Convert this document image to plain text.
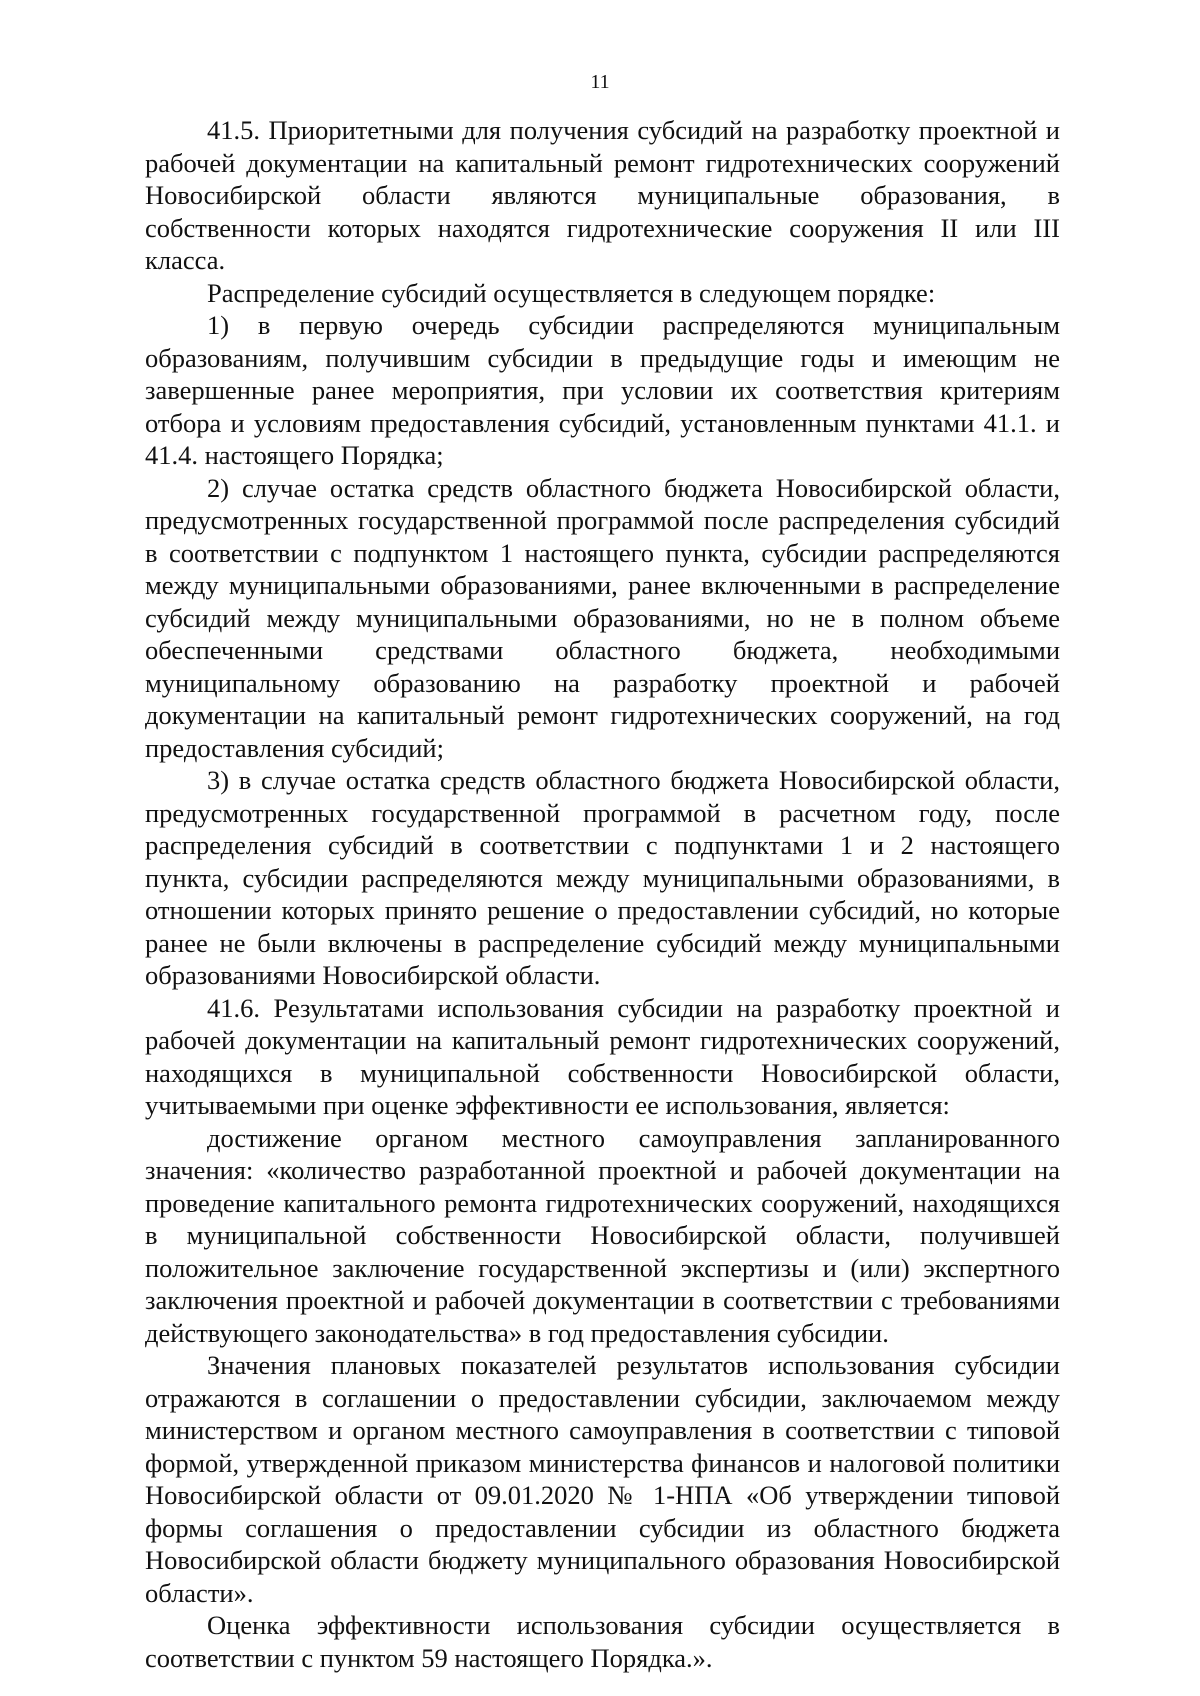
11

41.5. Приоритетными для получения субсидий на разработку проектной и рабочей документации на капитальный ремонт гидротехнических сооружений Новосибирской области являются муниципальные образования, в собственности которых находятся гидротехнические сооружения II или III класса.

Распределение субсидий осуществляется в следующем порядке:

1) в первую очередь субсидии распределяются муниципальным образованиям, получившим субсидии в предыдущие годы и имеющим не завершенные ранее мероприятия, при условии их соответствия критериям отбора и условиям предоставления субсидий, установленным пунктами 41.1. и 41.4. настоящего Порядка;

2) случае остатка средств областного бюджета Новосибирской области, предусмотренных государственной программой после распределения субсидий в соответствии с подпунктом 1 настоящего пункта, субсидии распределяются между муниципальными образованиями, ранее включенными в распределение субсидий между муниципальными образованиями, но не в полном объеме обеспеченными средствами областного бюджета, необходимыми муниципальному образованию на разработку проектной и рабочей документации на капитальный ремонт гидротехнических сооружений, на год предоставления субсидий;

3) в случае остатка средств областного бюджета Новосибирской области, предусмотренных государственной программой в расчетном году, после распределения субсидий в соответствии с подпунктами 1 и 2 настоящего пункта, субсидии распределяются между муниципальными образованиями, в отношении которых принято решение о предоставлении субсидий, но которые ранее не были включены в распределение субсидий между муниципальными образованиями Новосибирской области.

41.6. Результатами использования субсидии на разработку проектной и рабочей документации на капитальный ремонт гидротехнических сооружений, находящихся в муниципальной собственности Новосибирской области, учитываемыми при оценке эффективности ее использования, является:

достижение органом местного самоуправления запланированного значения: «количество разработанной проектной и рабочей документации на проведение капитального ремонта гидротехнических сооружений, находящихся в муниципальной собственности Новосибирской области, получившей положительное заключение государственной экспертизы и (или) экспертного заключения проектной и рабочей документации в соответствии с требованиями действующего законодательства» в год предоставления субсидии.

Значения плановых показателей результатов использования субсидии отражаются в соглашении о предоставлении субсидии, заключаемом между министерством и органом местного самоуправления в соответствии с типовой формой, утвержденной приказом министерства финансов и налоговой политики Новосибирской области от 09.01.2020 № 1-НПА «Об утверждении типовой формы соглашения о предоставлении субсидии из областного бюджета Новосибирской области бюджету муниципального образования Новосибирской области».

Оценка эффективности использования субсидии осуществляется в соответствии с пунктом 59 настоящего Порядка.».
